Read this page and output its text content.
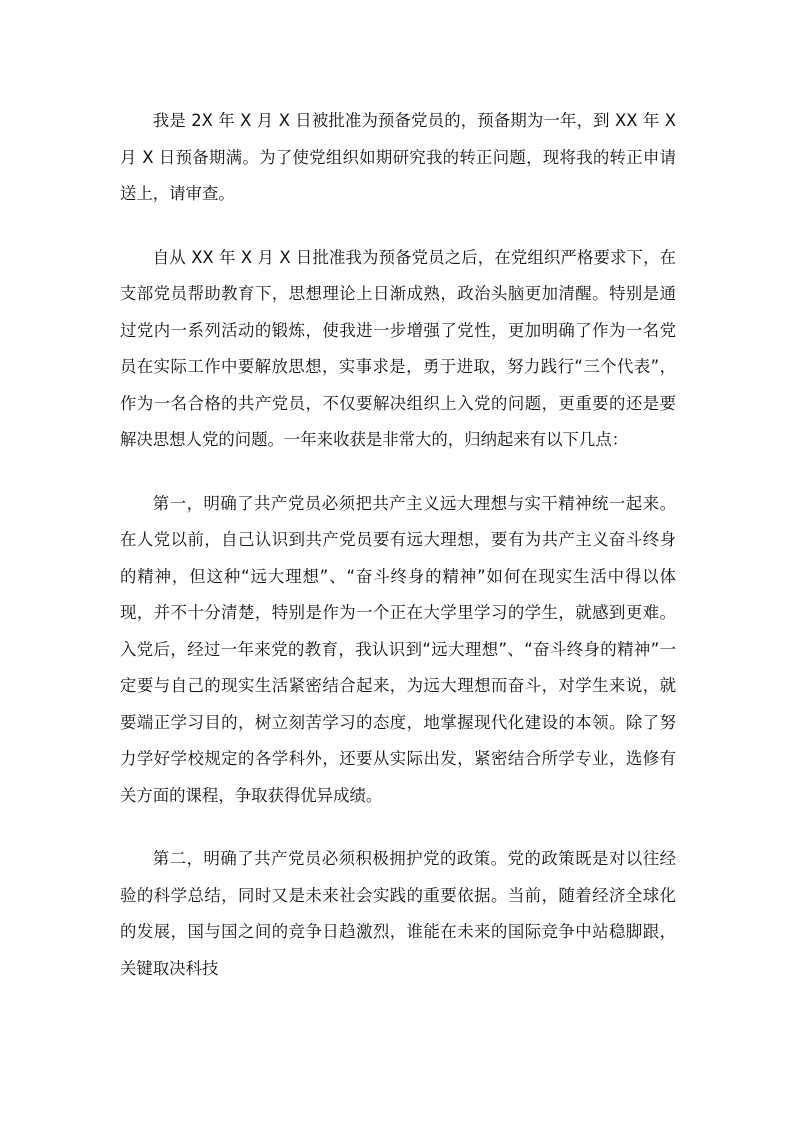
我是 2X 年 X 月 X 日被批准为预备党员的，预备期为一年，到 XX 年 X 月 X 日预备期满。为了使党组织如期研究我的转正问题，现将我的转正申请送上，请审查。

自从 XX 年 X 月 X 日批准我为预备党员之后，在党组织严格要求下，在支部党员帮助教育下，思想理论上日渐成熟，政治头脑更加清醒。特别是通过党内一系列活动的锻炼，使我进一步增强了党性，更加明确了作为一名党员在实际工作中要解放思想，实事求是，勇于进取，努力践行“三个代表”，作为一名合格的共产党员，不仅要解决组织上入党的问题，更重要的还是要解决思想人党的问题。一年来收获是非常大的，归纳起来有以下几点：

第一，明确了共产党员必须把共产主义远大理想与实干精神统一起来。在人党以前，自己认识到共产党员要有远大理想，要有为共产主义奋斗终身的精神，但这种“远大理想”、“奋斗终身的精神”如何在现实生活中得以体现，并不十分清楚，特别是作为一个正在大学里学习的学生，就感到更难。入党后，经过一年来党的教育，我认识到“远大理想”、“奋斗终身的精神”一定要与自己的现实生活紧密结合起来，为远大理想而奋斗，对学生来说，就要端正学习目的，树立刻苦学习的态度，地掌握现代化建设的本领。除了努力学好学校规定的各学科外，还要从实际出发，紧密结合所学专业，选修有关方面的课程，争取获得优异成绩。

第二，明确了共产党员必须积极拥护党的政策。党的政策既是对以往经验的科学总结，同时又是未来社会实践的重要依据。当前，随着经济全球化的发展，国与国之间的竞争日趋激烈，谁能在未来的国际竞争中站稳脚跟，关键取决科技
